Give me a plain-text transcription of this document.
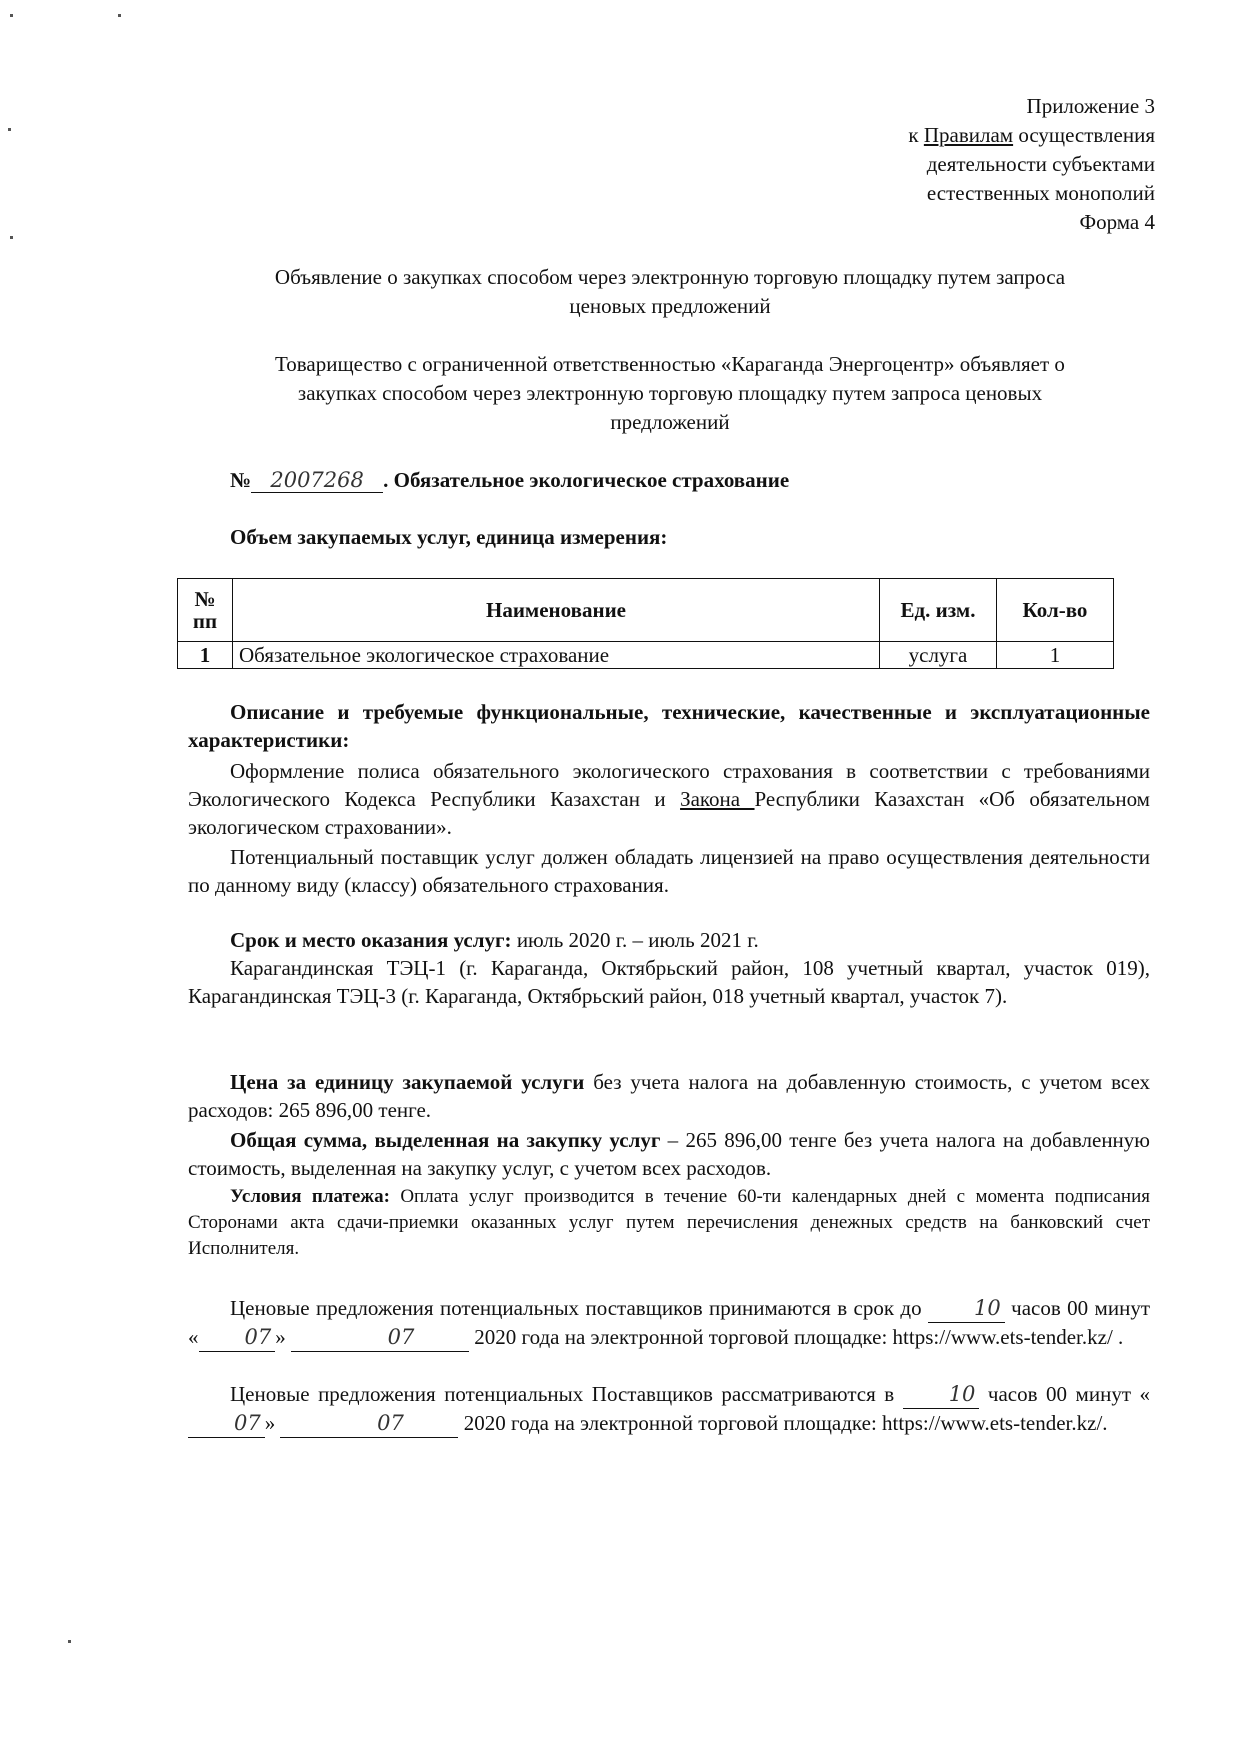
Приложение 3
к Правилам осуществления
деятельности субъектами
естественных монополий
Форма 4
Объявление о закупках способом через электронную торговую площадку путем запроса
ценовых предложений
Товарищество с ограниченной ответственностью «Караганда Энергоцентр» объявляет о
закупках способом через электронную торговую площадку путем запроса ценовых
предложений
№ 2007268 . Обязательное экологическое страхование
Объем закупаемых услуг, единица измерения:
№ пп	Наименование	Ед. изм.	Кол-во
1	Обязательное экологическое страхование	услуга	1
Описание и требуемые функциональные, технические, качественные и эксплуатационные характеристики:
Оформление полиса обязательного экологического страхования в соответствии с требованиями Экологического Кодекса Республики Казахстан и Закона Республики Казахстан «Об обязательном экологическом страховании».
Потенциальный поставщик услуг должен обладать лицензией на право осуществления деятельности по данному виду (классу) обязательного страхования.
Срок и место оказания услуг: июль 2020 г. – июль 2021 г.
Карагандинская ТЭЦ-1 (г. Караганда, Октябрьский район, 108 учетный квартал, участок 019), Карагандинская ТЭЦ-3 (г. Караганда, Октябрьский район, 018 учетный квартал, участок 7).
Цена за единицу закупаемой услуги без учета налога на добавленную стоимость, с учетом всех расходов: 265 896,00 тенге.
Общая сумма, выделенная на закупку услуг – 265 896,00 тенге без учета налога на добавленную стоимость, выделенная на закупку услуг, с учетом всех расходов.
Условия платежа: Оплата услуг производится в течение 60-ти календарных дней с момента подписания Сторонами акта сдачи-приемки оказанных услуг путем перечисления денежных средств на банковский счет Исполнителя.
Ценовые предложения потенциальных поставщиков принимаются в срок до 10 часов 00 минут « 07 »	07	2020 года на электронной торговой площадке: https://www.ets-tender.kz/ .
Ценовые предложения потенциальных Поставщиков рассматриваются в 10 часов 00 минут «07 »	07	2020 года на электронной торговой площадке: https://www.ets-tender.kz/.
